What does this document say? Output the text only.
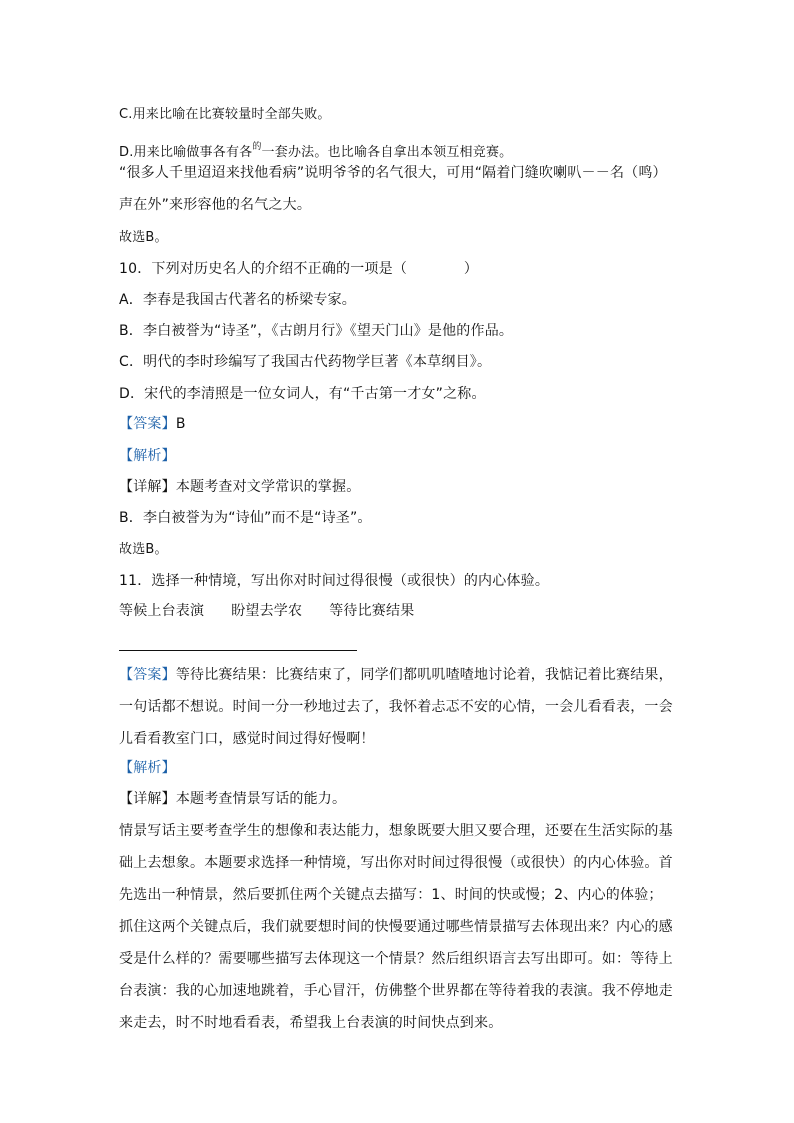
C.用来比喻在比赛较量时全部失败。
D.用来比喻做事各有各$^的$一套办法。也比喻各自拿出本领互相竞赛。
“很多人千里迢迢来找他看病”说明爷爷的名气很大，可用“隔着门缝吹喇叭－－名（鸣）
声在外”来形容他的名气之大。
故选B。
10．下列对历史名人的介绍不正确的一项是（　　　　）
A．李春是我国古代著名的桥梁专家。
B．李白被誉为“诗圣”，《古朗月行》《望天门山》是他的作品。
C．明代的李时珍编写了我国古代药物学巨著《本草纲目》。
D．宋代的李清照是一位女词人，有“千古第一才女”之称。
【答案】B
【解析】
【详解】本题考查对文学常识的掌握。
B．李白被誉为为“诗仙”而不是“诗圣”。
故选B。
11．选择一种情境，写出你对时间过得很慢（或很快）的内心体验。
等候上台表演 盼望去学农 等待比赛结果
【答案】等待比赛结果：比赛结束了，同学们都叽叽喳喳地讨论着，我惦记着比赛结果，一句话都不想说。时间一分一秒地过去了，我怀着忐忑不安的心情，一会儿看看表，一会儿看看教室门口，感觉时间过得好慢啊！
【解析】
【详解】本题考查情景写话的能力。
情景写话主要考查学生的想像和表达能力，想象既要大胆又要合理，还要在生活实际的基础上去想象。本题要求选择一种情境，写出你对时间过得很慢（或很快）的内心体验。首先选出一种情景，然后要抓住两个关键点去描写：1、时间的快或慢；2、内心的体验；抓住这两个关键点后，我们就要想时间的快慢要通过哪些情景描写去体现出来？内心的感受是什么样的？需要哪些描写去体现这一个情景？然后组织语言去写出即可。如：等待上台表演：我的心加速地跳着，手心冒汗，仿佛整个世界都在等待着我的表演。我不停地走来走去，时不时地看看表，希望我上台表演的时间快点到来。
